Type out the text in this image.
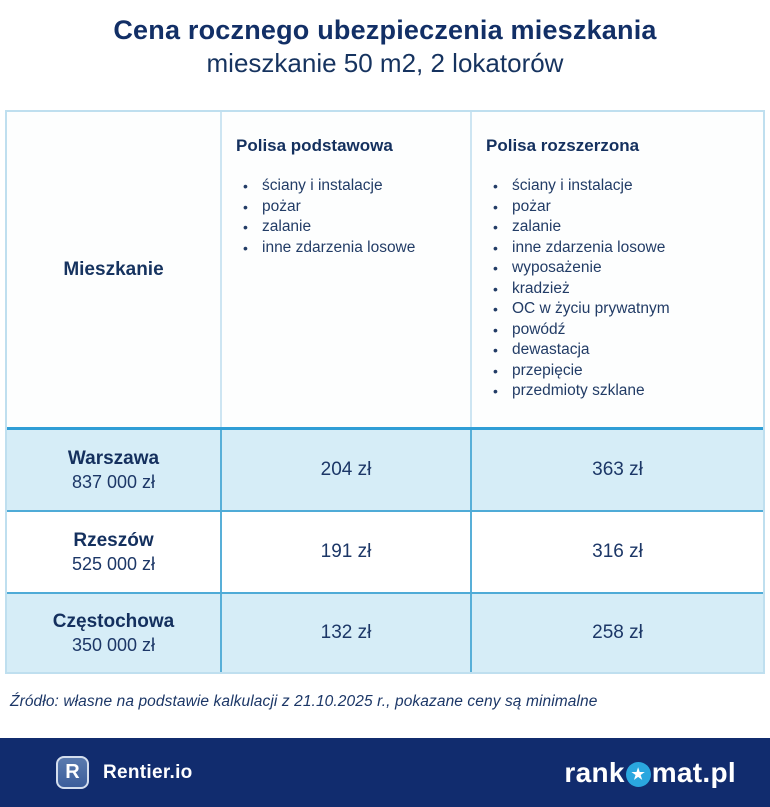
Cena rocznego ubezpieczenia mieszkania
mieszkanie 50 m2, 2 lokatorów
Mieszkanie
Polisa podstawowa
• ściany i instalacje
• pożar
• zalanie
• inne zdarzenia losowe
Polisa rozszerzona
• ściany i instalacje
• pożar
• zalanie
• inne zdarzenia losowe
• wyposażenie
• kradzież
• OC w życiu prywatnym
• powódź
• dewastacja
• przepięcie
• przedmioty szklane
Warszawa
837 000 zł
204 zł	363 zł
Rzeszów
525 000 zł
191 zł	316 zł
Częstochowa
350 000 zł
132 zł	258 zł
Źródło: własne na podstawie kalkulacji z 21.10.2025 r., pokazane ceny są minimalne
R	Rentier.io	rank ★ mat.pl
